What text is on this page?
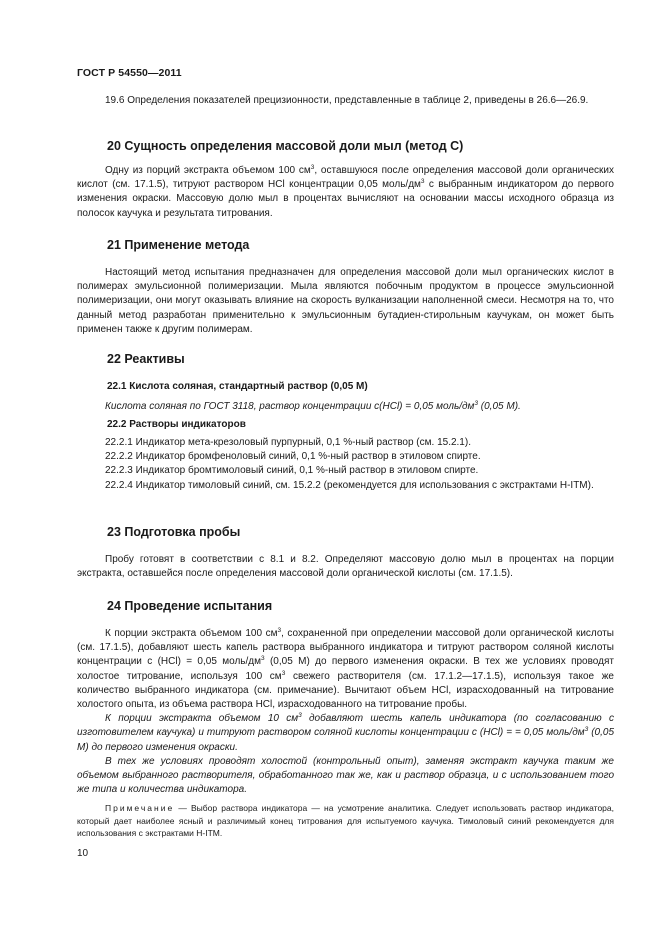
ГОСТ Р 54550—2011

19.6 Определения показателей прецизионности, представленные в таблице 2, приведены в 26.6—26.9.

20 Сущность определения массовой доли мыл (метод С)

Одну из порций экстракта объемом 100 $см^3$, оставшуюся после определения массовой доли органических кислот (см. 17.1.5), титруют раствором HCl концентрации 0,05 моль/$дм^3$ с выбранным индикатором до первого изменения окраски. Массовую долю мыл в процентах вычисляют на основании массы исходного образца из полосок каучука и результата титрования.

21 Применение метода

Настоящий метод испытания предназначен для определения массовой доли мыл органических кислот в полимерах эмульсионной полимеризации. Мыла являются побочным продуктом в процессе эмульсионной полимеризации, они могут оказывать влияние на скорость вулканизации наполненной смеси. Несмотря на то, что данный метод разработан применительно к эмульсионным бутадиен-стирольным каучукам, он может быть применен также к другим полимерам.

22 Реактивы
22.1 Кислота соляная, стандартный раствор (0,05 М)

Кислота соляная по ГОСТ 3118, раствор концентрации c(HCl) = 0,05 моль/$дм^3$ (0,05 М).

22.2 Растворы индикаторов

22.2.1 Индикатор мета-крезоловый пурпурный, 0,1 %-ный раствор (см. 15.2.1).

22.2.2 Индикатор бромфеноловый синий, 0,1 %-ный раствор в этиловом спирте.

22.2.3 Индикатор бромтимоловый синий, 0,1 %-ный раствор в этиловом спирте.

22.2.4 Индикатор тимоловый синий, см. 15.2.2 (рекомендуется для использования с экстрактами H-ITM).

23 Подготовка пробы

Пробу готовят в соответствии с 8.1 и 8.2. Определяют массовую долю мыл в процентах на порции экстракта, оставшейся после определения массовой доли органической кислоты (см. 17.1.5).

24 Проведение испытания

К порции экстракта объемом 100 $см^3$, сохраненной при определении массовой доли органической кислоты (см. 17.1.5), добавляют шесть капель раствора выбранного индикатора и титруют раствором соляной кислоты концентрации c (HCl) = 0,05 моль/$дм^3$ (0,05 М) до первого изменения окраски. В тех же условиях проводят холостое титрование, используя 100 $см^3$ свежего растворителя (см. 17.1.2—17.1.5), используя такое же количество выбранного индикатора (см. примечание). Вычитают объем HCl, израсходованный на титрование холостого опыта, из объема раствора HCl, израсходованного на титрование пробы.

К порции экстракта объемом 10 $см^3$ добавляют шесть капель индикатора (по согласованию с изготовителем каучука) и титруют раствором соляной кислоты концентрации c (HCl) = = 0,05 моль/$дм^3$ (0,05 М) до первого изменения окраски.

В тех же условиях проводят холостой (контрольный опыт), заменяя экстракт каучука таким же объемом выбранного растворителя, обработанного так же, как и раствор образца, и с использованием того же типа и количества индикатора.

Примечание — Выбор раствора индикатора — на усмотрение аналитика. Следует использовать раствор индикатора, который дает наиболее ясный и различимый конец титрования для испытуемого каучука. Тимоловый синий рекомендуется для использования с экстрактами H-ITM.

10
